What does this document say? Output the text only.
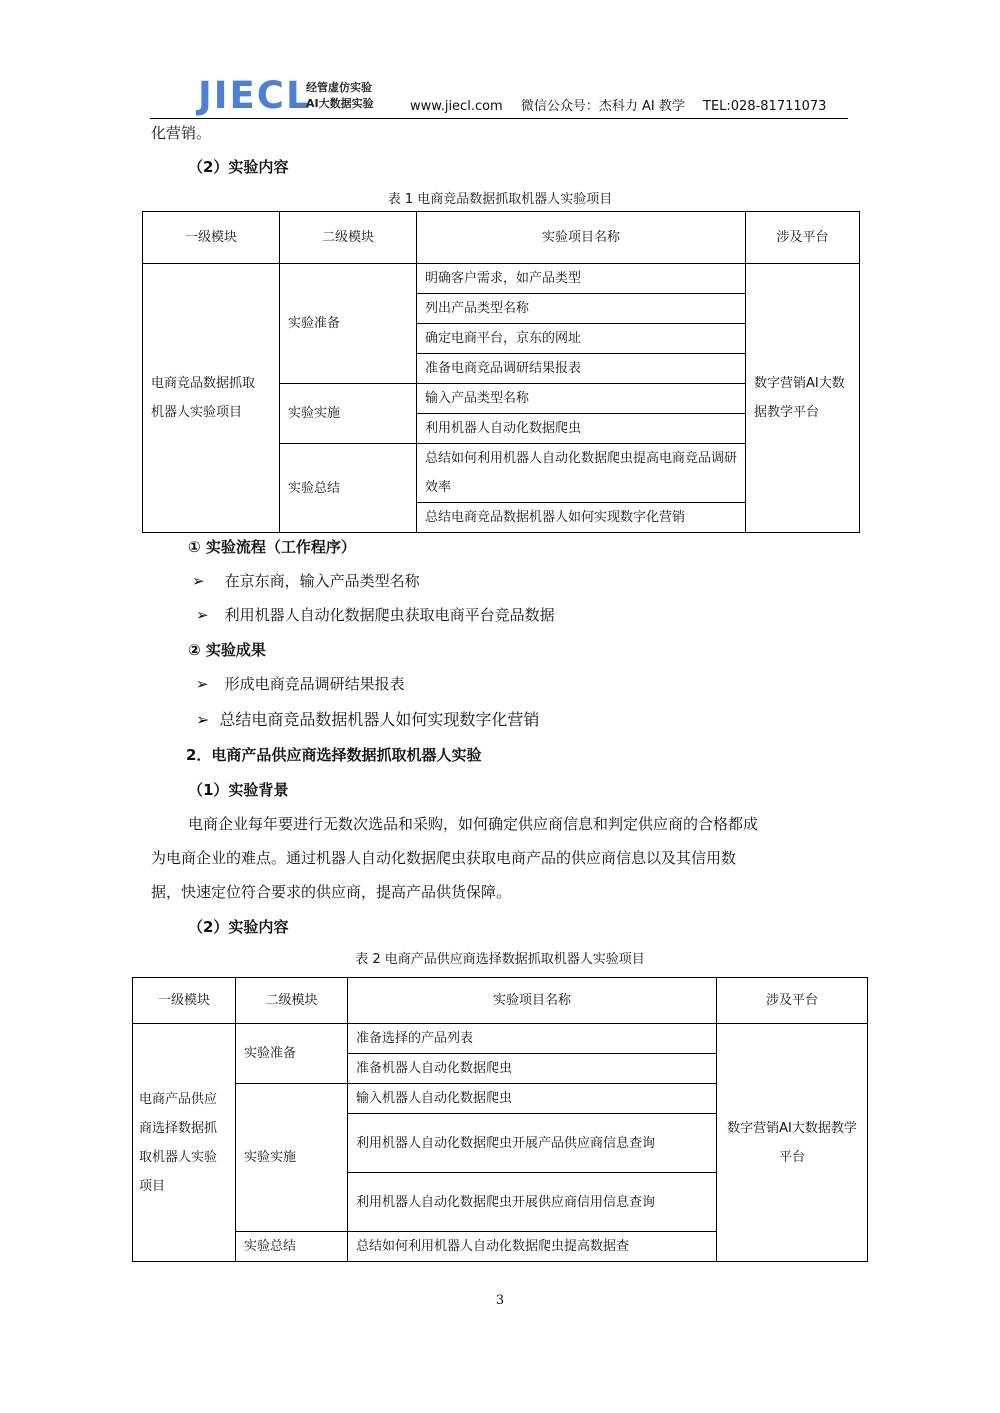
JIECL
经管虚仿实验
AI大数据实验	www.jiecl.com 微信公众号：杰科力 AI 教学 TEL:028-81711073
化营销。
（2）实验内容
表 1 电商竞品数据抓取机器人实验项目
一级模块	二级模块	实验项目名称	涉及平台

电商竞品数据抓取机器人实验项目	实验准备	明确客户需求，如产品类型	数字营销AI大数据教学平台

		列出产品类型名称	
		确定电商平台，京东的网址	
		准备电商竞品调研结果报表	
	实验实施	输入产品类型名称	
		利用机器人自动化数据爬虫	
	实验总结	总结如何利用机器人自动化数据爬虫提高电商竞品调研效率	

		总结电商竞品数据机器人如何实现数字化营销	
① 实验流程（工作程序）
➢ 在京东商，输入产品类型名称
➢ 利用机器人自动化数据爬虫获取电商平台竞品数据
② 实验成果
➢ 形成电商竞品调研结果报表
➢ 总结电商竞品数据机器人如何实现数字化营销
2．电商产品供应商选择数据抓取机器人实验
（1）实验背景
电商企业每年要进行无数次选品和采购，如何确定供应商信息和判定供应商的合格都成
为电商企业的难点。通过机器人自动化数据爬虫获取电商产品的供应商信息以及其信用数
据，快速定位符合要求的供应商，提高产品供货保障。
（2）实验内容
表 2 电商产品供应商选择数据抓取机器人实验项目
一级模块	二级模块	实验项目名称	涉及平台

电商产品供应商选择数据抓取机器人实验项目	实验准备	准备选择的产品列表	数字营销AI大数据教学平台

		准备机器人自动化数据爬虫	
	实验实施	输入机器人自动化数据爬虫	

		利用机器人自动化数据爬虫开展产品供应商信息查询	

		利用机器人自动化数据爬虫开展供应商信用信息查询	

	实验总结	总结如何利用机器人自动化数据爬虫提高数据查	
3
